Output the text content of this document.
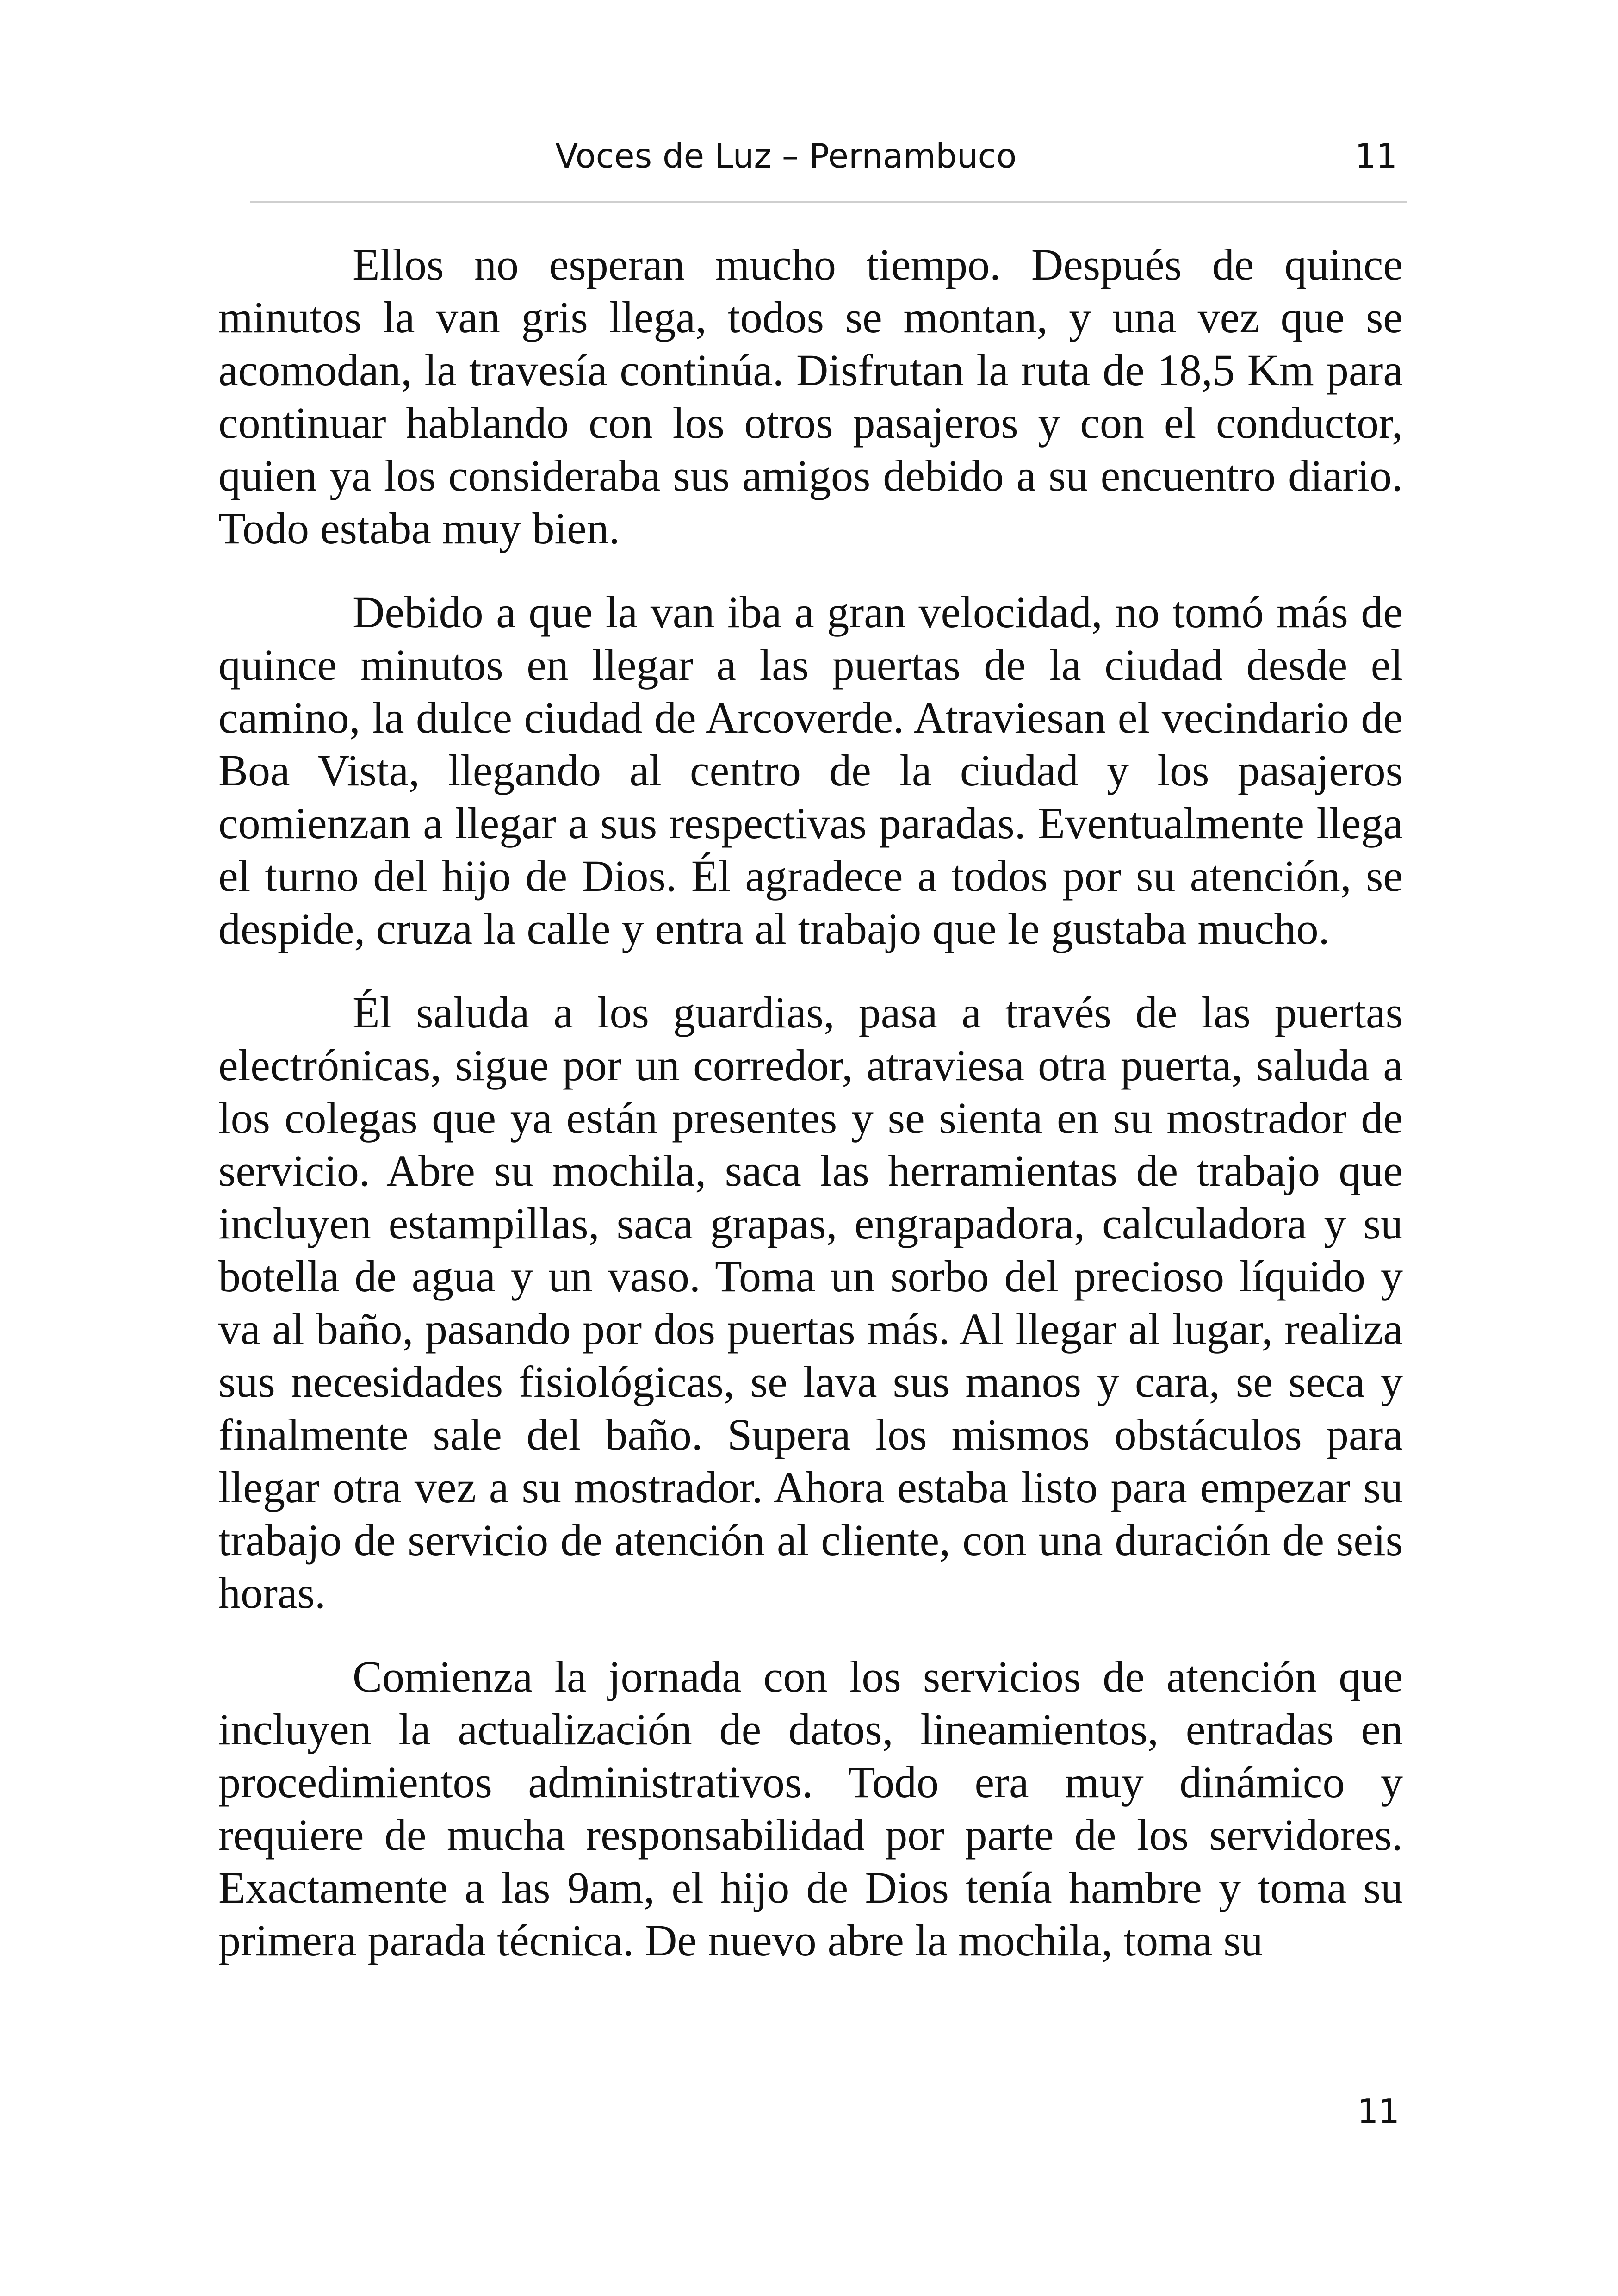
Voces de Luz – Pernambuco	11

Ellos no esperan mucho tiempo. Después de quince minutos la van gris llega, todos se montan, y una vez que se acomodan, la travesía continúa. Disfrutan la ruta de 18,5 Km para continuar hablando con los otros pasajeros y con el conductor, quien ya los consideraba sus amigos debido a su encuentro diario. Todo estaba muy bien.

Debido a que la van iba a gran velocidad, no tomó más de quince minutos en llegar a las puertas de la ciudad desde el camino, la dulce ciudad de Arcoverde. Atraviesan el vecindario de Boa Vista, llegando al centro de la ciudad y los pasajeros comienzan a llegar a sus respectivas paradas. Eventualmente llega el turno del hijo de Dios. Él agradece a todos por su atención, se despide, cruza la calle y entra al trabajo que le gustaba mucho.

Él saluda a los guardias, pasa a través de las puertas electrónicas, sigue por un corredor, atraviesa otra puerta, saluda a los colegas que ya están presentes y se sienta en su mostrador de servicio. Abre su mochila, saca las herramientas de trabajo que incluyen estampillas, saca grapas, engrapadora, calculadora y su botella de agua y un vaso. Toma un sorbo del precioso líquido y va al baño, pasando por dos puertas más. Al llegar al lugar, realiza sus necesidades fisiológicas, se lava sus manos y cara, se seca y finalmente sale del baño. Supera los mismos obstáculos para llegar otra vez a su mostrador. Ahora estaba listo para empezar su trabajo de servicio de atención al cliente, con una duración de seis horas.

Comienza la jornada con los servicios de atención que incluyen la actualización de datos, lineamientos, entradas en procedimientos administrativos. Todo era muy dinámico y requiere de mucha responsabilidad por parte de los servidores. Exactamente a las 9am, el hijo de Dios tenía hambre y toma su primera parada técnica. De nuevo abre la mochila, toma su

11
